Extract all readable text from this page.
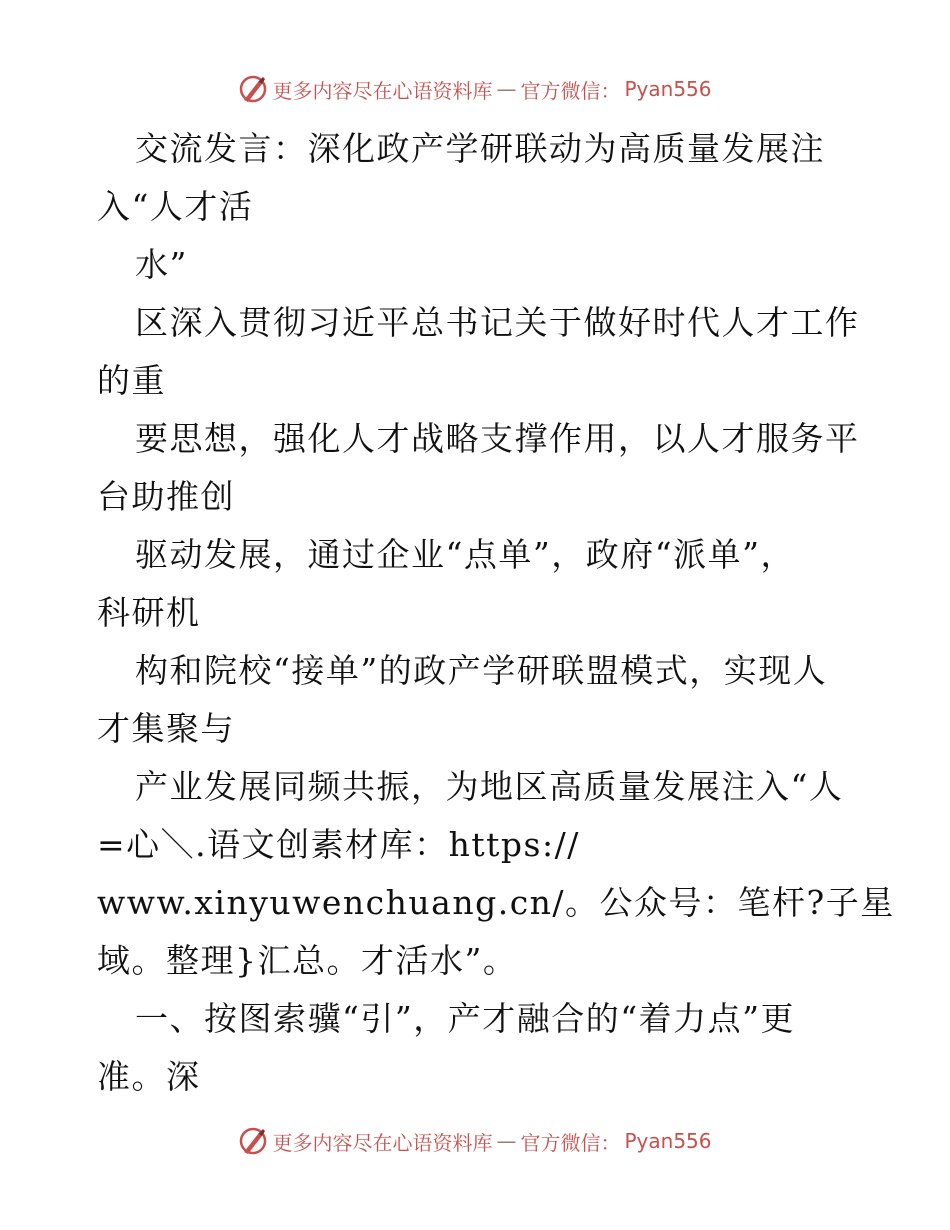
更多内容尽在心语资料库 — 官方微信： Pyan556
交流发言：深化政产学研联动为高质量发展注
入“人才活
水”
区深入贯彻习近平总书记关于做好时代人才工作
的重
要思想，强化人才战略支撑作用，以人才服务平
台助推创
驱动发展，通过企业“点单”，政府“派单”，
科研机
构和院校“接单”的政产学研联盟模式，实现人
才集聚与
产业发展同频共振，为地区高质量发展注入“人
=心＼.语文创素材库：https://
www.xinyuwenchuang.cn/。公众号：笔杆?子星
域。整理}汇总。才活水”。
一、按图索骥“引”，产才融合的“着力点”更
准。深
更多内容尽在心语资料库 — 官方微信： Pyan556
